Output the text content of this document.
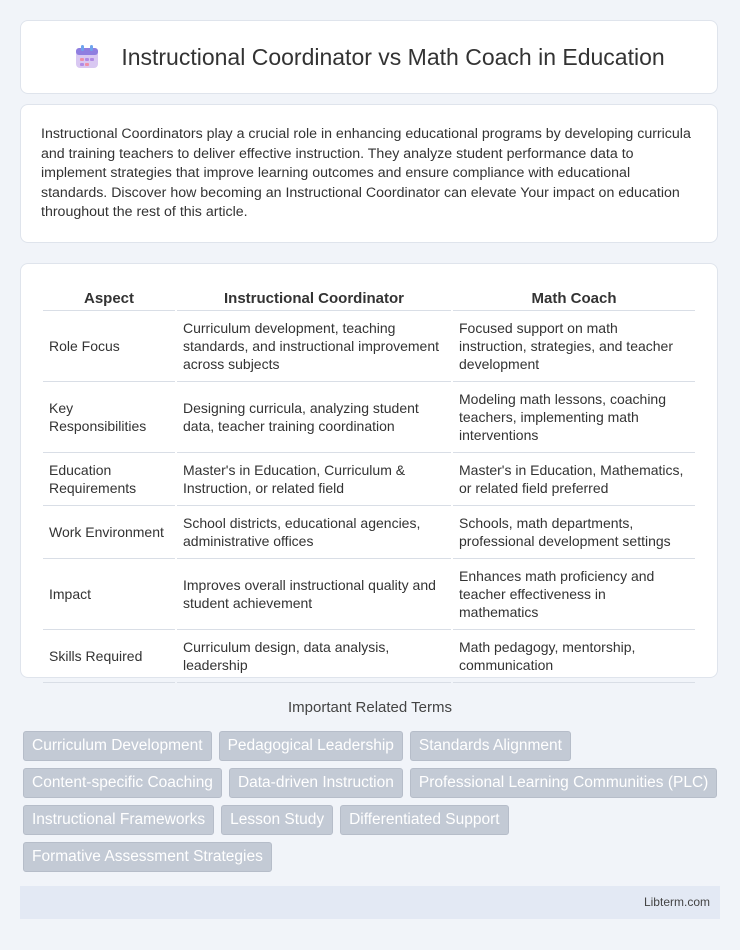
Instructional Coordinator vs Math Coach in Education

Instructional Coordinators play a crucial role in enhancing educational programs by developing curricula and training teachers to deliver effective instruction. They analyze student performance data to implement strategies that improve learning outcomes and ensure compliance with educational standards. Discover how becoming an Instructional Coordinator can elevate Your impact on education throughout the rest of this article.

Aspect	Instructional Coordinator	Math Coach
Role Focus	Curriculum development, teaching standards, and instructional improvement across subjects	Focused support on math instruction, strategies, and teacher development
Key Responsibilities	Designing curricula, analyzing student data, teacher training coordination	Modeling math lessons, coaching teachers, implementing math interventions
Education Requirements	Master's in Education, Curriculum & Instruction, or related field	Master's in Education, Mathematics, or related field preferred
Work Environment	School districts, educational agencies, administrative offices	Schools, math departments, professional development settings
Impact	Improves overall instructional quality and student achievement	Enhances math proficiency and teacher effectiveness in mathematics
Skills Required	Curriculum design, data analysis, leadership	Math pedagogy, mentorship, communication
Important Related Terms
Curriculum Development	Pedagogical Leadership	Standards Alignment
Content-specific Coaching	Data-driven Instruction	Professional Learning Communities (PLC)
Instructional Frameworks	Lesson Study	Differentiated Support
Formative Assessment Strategies
Libterm.com
